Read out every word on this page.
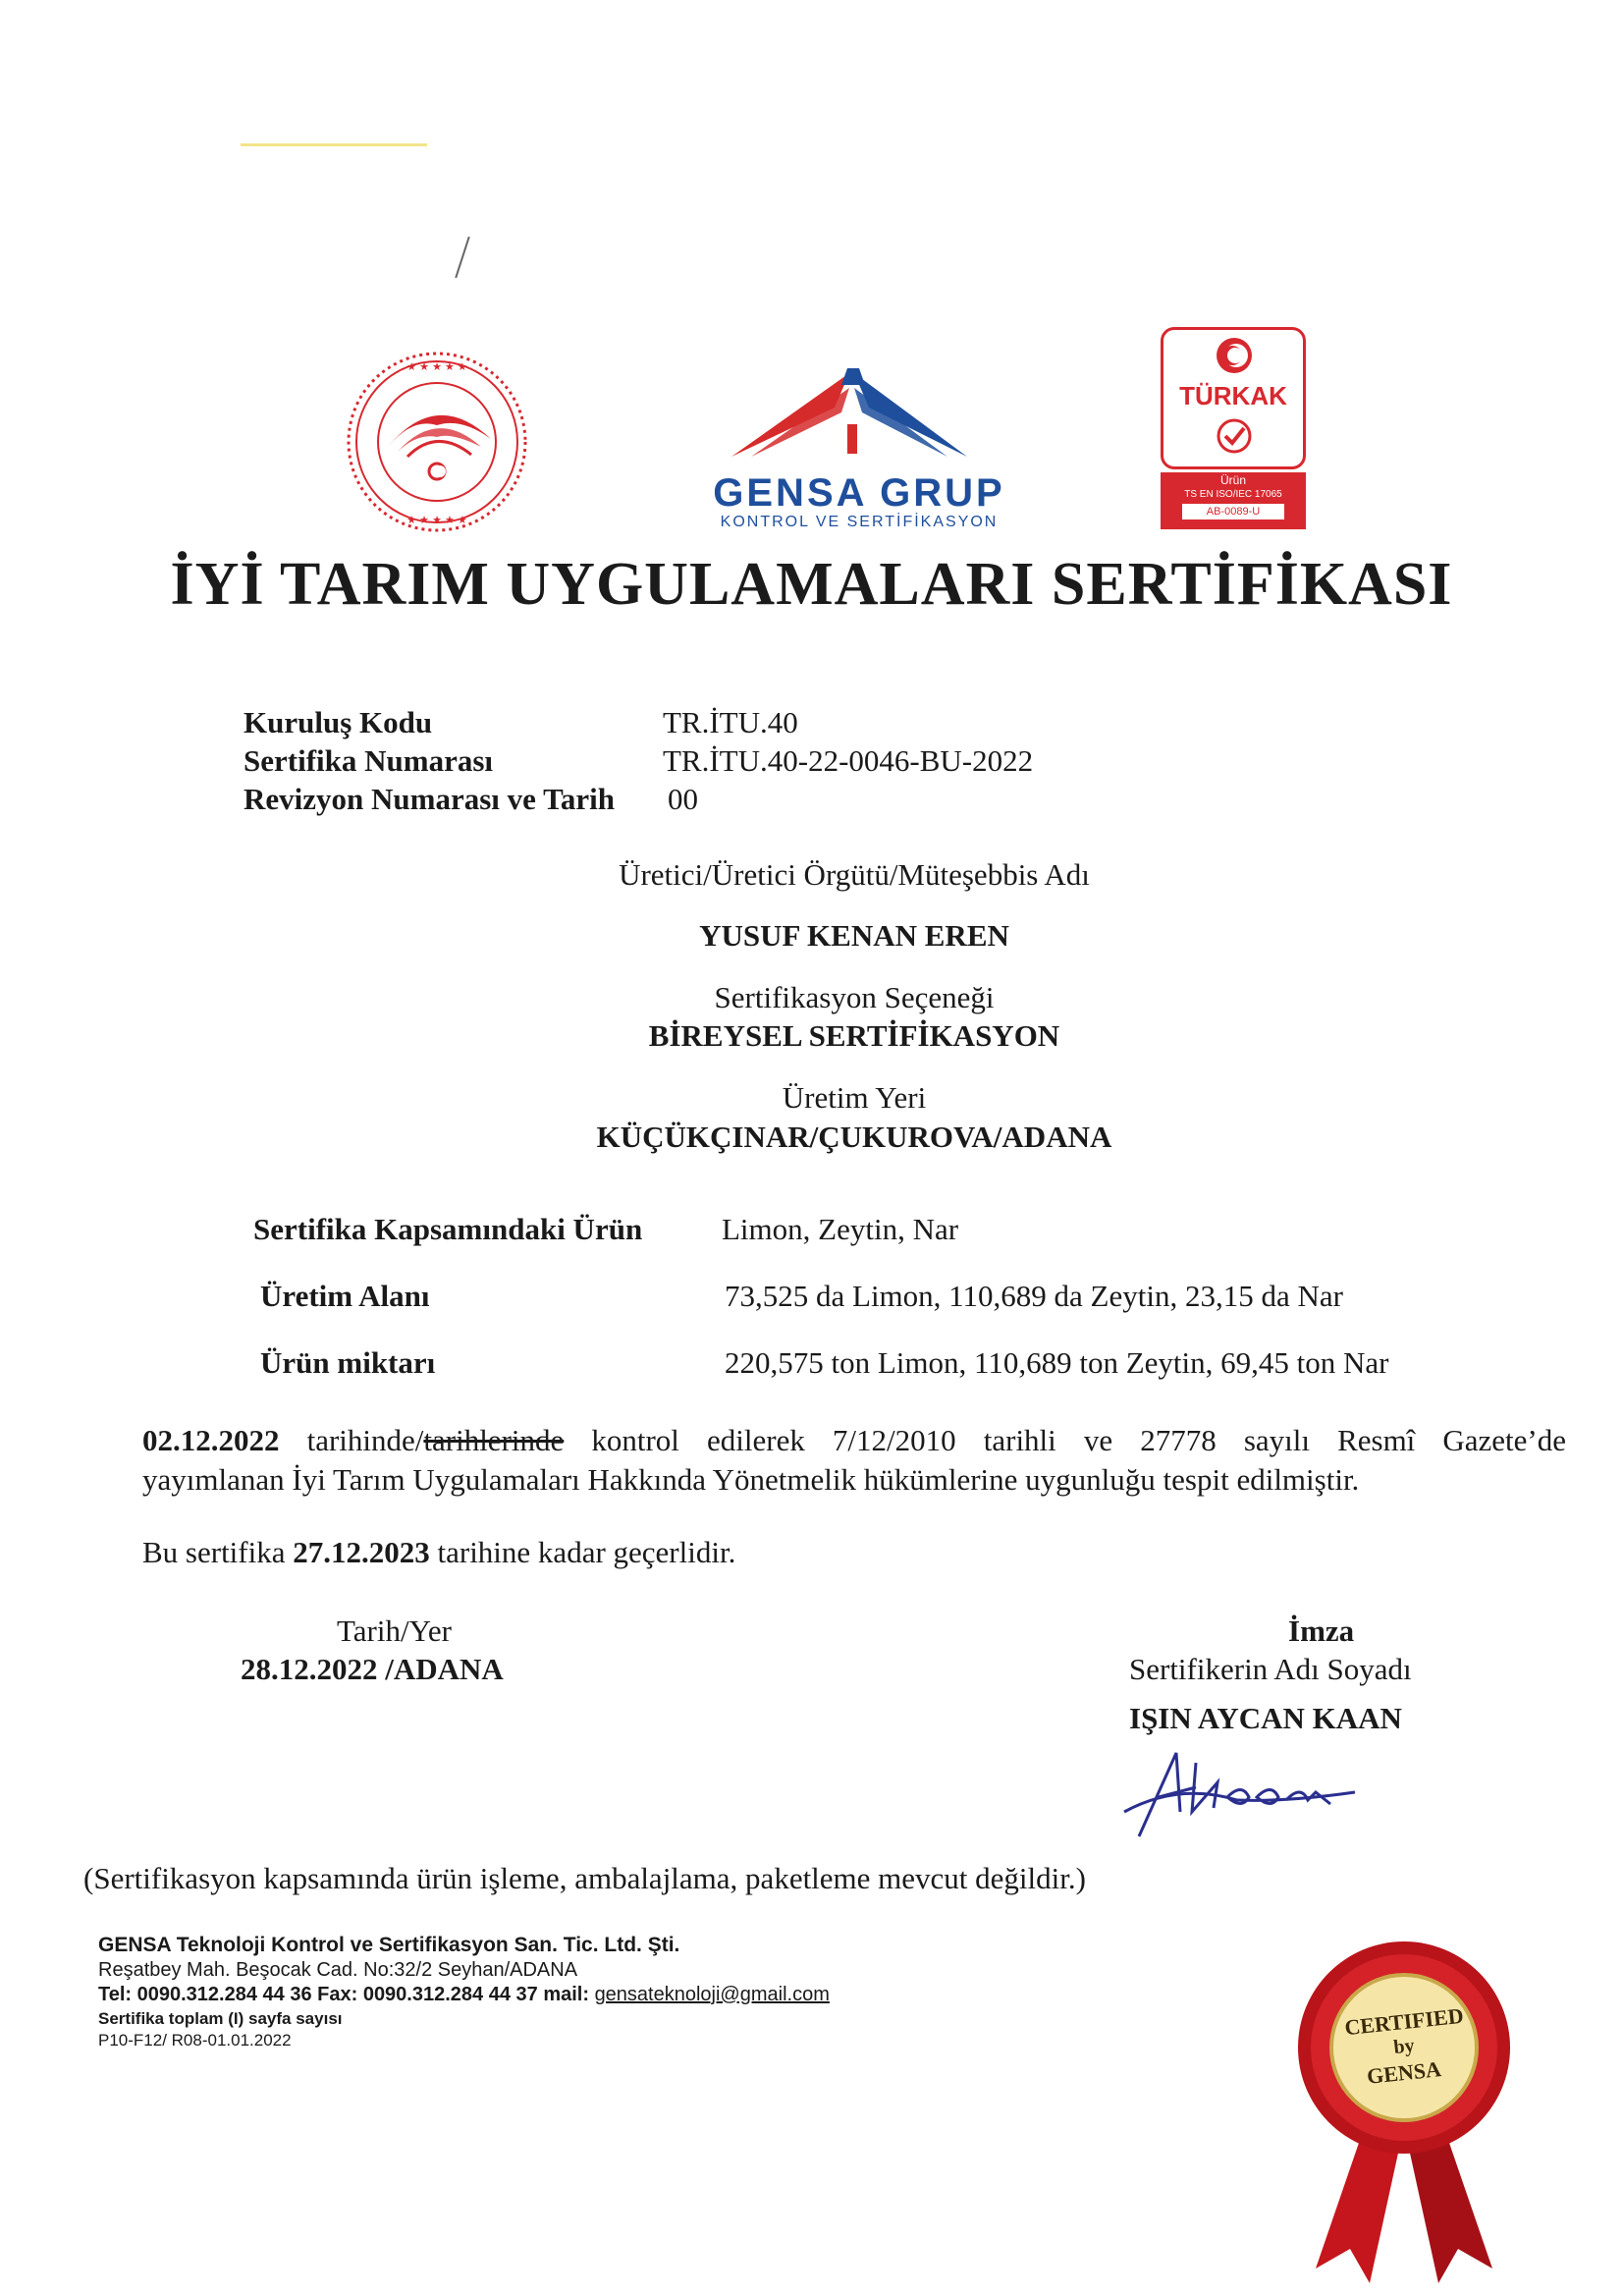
★ ★ ★ ★ ★
★ ★ ★ ★ ★
GENSA GRUP
KONTROL VE SERTİFİKASYON
TÜRKAK
Ürün
TS EN ISO/IEC 17065
AB-0089-U
İYİ TARIM UYGULAMALARI SERTİFİKASI
Kuruluş Kodu	TR.İTU.40
Sertifika Numarası	TR.İTU.40-22-0046-BU-2022
Revizyon Numarası ve Tarih 00
Üretici/Üretici Örgütü/Müteşebbis Adı
YUSUF KENAN EREN
Sertifikasyon Seçeneği
BİREYSEL SERTİFİKASYON
Üretim Yeri
KÜÇÜKÇINAR/ÇUKUROVA/ADANA
Sertifika Kapsamındaki Ürün	Limon, Zeytin, Nar
Üretim Alanı	73,525 da Limon, 110,689 da Zeytin, 23,15 da Nar
Ürün miktarı	220,575 ton Limon, 110,689 ton Zeytin, 69,45 ton Nar
02.12.2022 tarihinde/tarihlerinde kontrol edilerek 7/12/2010 tarihli ve 27778 sayılı Resmî Gazete’de
yayımlanan İyi Tarım Uygulamaları Hakkında Yönetmelik hükümlerine uygunluğu tespit edilmiştir.
Bu sertifika 27.12.2023 tarihine kadar geçerlidir.
Tarih/Yer
28.12.2022 /ADANA
İmza
Sertifikerin Adı Soyadı
IŞIN AYCAN KAAN
(Sertifikasyon kapsamında ürün işleme, ambalajlama, paketleme mevcut değildir.)
GENSA Teknoloji Kontrol ve Sertifikasyon San. Tic. Ltd. Şti.
Reşatbey Mah. Beşocak Cad. No:32/2 Seyhan/ADANA
Tel: 0090.312.284 44 36 Fax: 0090.312.284 44 37 mail: gensateknoloji@gmail.com
Sertifika toplam (I) sayfa sayısı
P10-F12/ R08-01.01.2022
CERTIFIED
by
GENSA
